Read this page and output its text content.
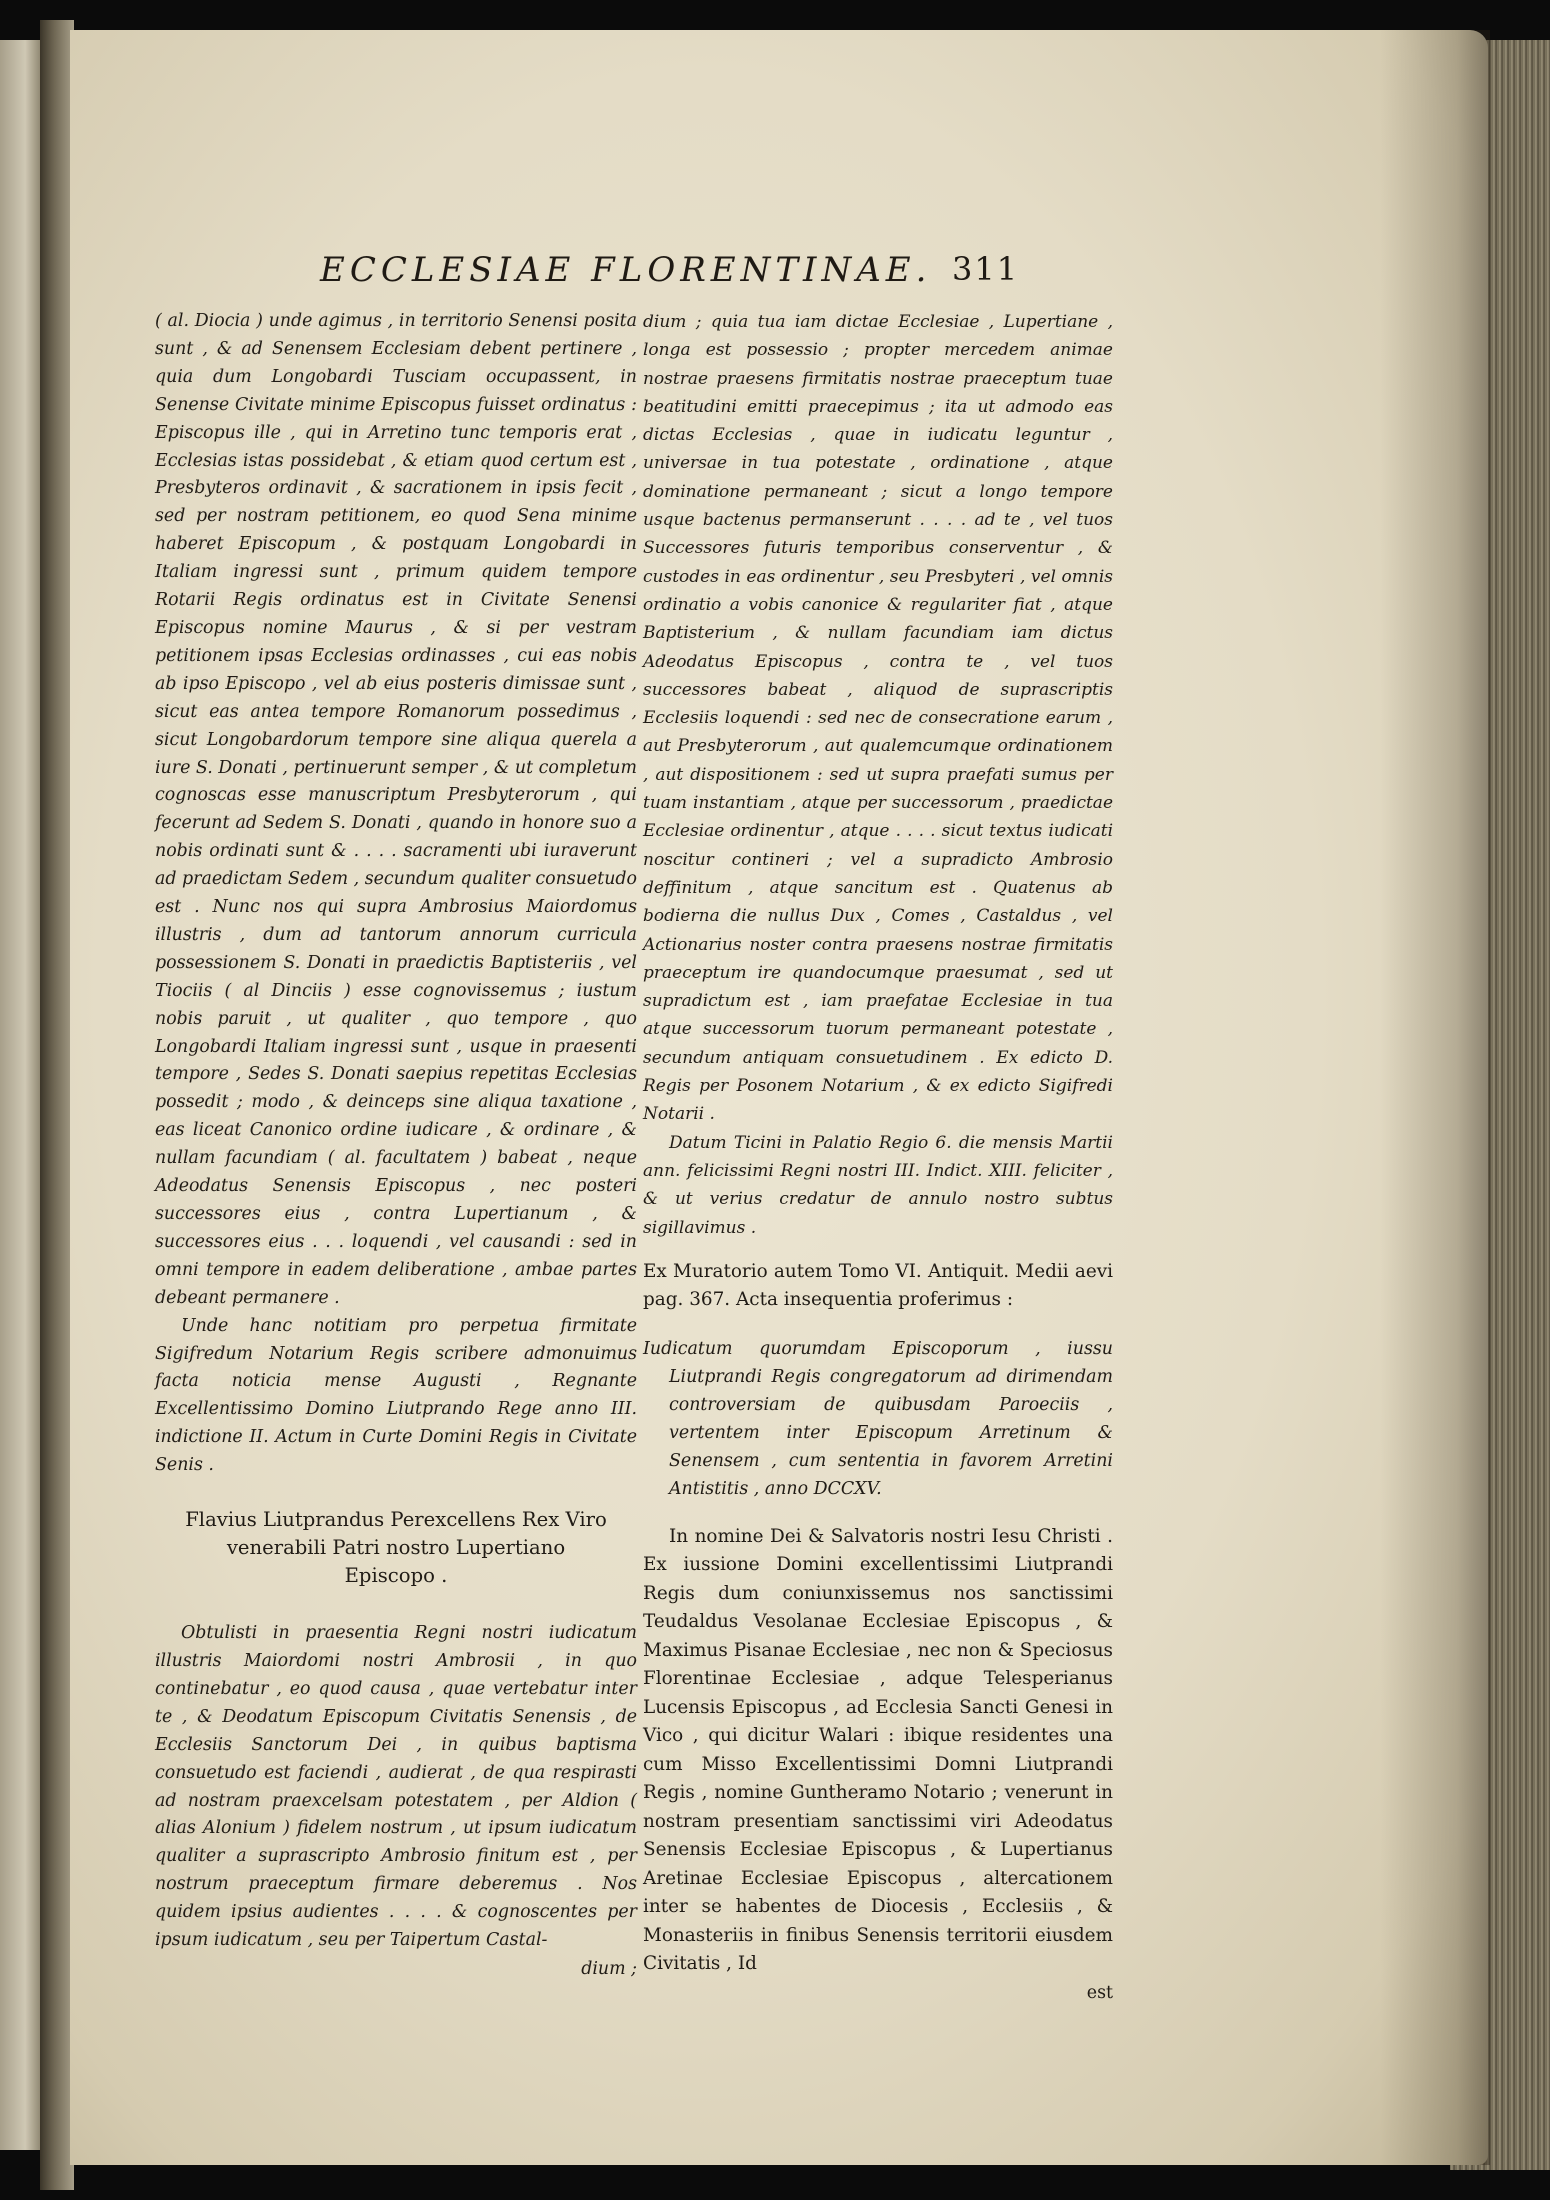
ECCLESIAE FLORENTINAE. 311

( al. Diocia ) unde agimus , in territorio Senensi posita sunt , & ad Senensem Ecclesiam debent pertinere , quia dum Longobardi Tusciam occupassent, in Senense Civitate minime Episcopus fuisset ordinatus : Episcopus ille , qui in Arretino tunc temporis erat , Ecclesias istas possidebat , & etiam quod certum est , Presbyteros ordinavit , & sacrationem in ipsis fecit , sed per nostram petitionem, eo quod Sena minime haberet Episcopum , & postquam Longobardi in Italiam ingressi sunt , primum quidem tempore Rotarii Regis ordinatus est in Civitate Senensi Episcopus nomine Maurus , & si per vestram petitionem ipsas Ecclesias ordinasses , cui eas nobis ab ipso Episcopo , vel ab eius posteris dimissae sunt , sicut eas antea tempore Romanorum possedimus , sicut Longobardorum tempore sine aliqua querela a iure S. Donati , pertinuerunt semper , & ut completum cognoscas esse manuscriptum Presbyterorum , qui fecerunt ad Sedem S. Donati , quando in honore suo a nobis ordinati sunt & . . . . sacramenti ubi iuraverunt ad praedictam Sedem , secundum qualiter consuetudo est . Nunc nos qui supra Ambrosius Maiordomus illustris , dum ad tantorum annorum curricula possessionem S. Donati in praedictis Baptisteriis , vel Tiociis ( al Dinciis ) esse cognovissemus ; iustum nobis paruit , ut qualiter , quo tempore , quo Longobardi Italiam ingressi sunt , usque in praesenti tempore , Sedes S. Donati saepius repetitas Ecclesias possedit ; modo , & deinceps sine aliqua taxatione , eas liceat Canonico ordine iudicare , & ordinare , & nullam facundiam ( al. facultatem ) babeat , neque Adeodatus Senensis Episcopus , nec posteri successores eius , contra Lupertianum , & successores eius . . . loquendi , vel causandi : sed in omni tempore in eadem deliberatione , ambae partes debeant permanere .

Unde hanc notitiam pro perpetua firmitate Sigifredum Notarium Regis scribere admonuimus facta noticia mense Augusti , Regnante Excellentissimo Domino Liutprando Rege anno III. indictione II. Actum in Curte Domini Regis in Civitate Senis .

Flavius Liutprandus Perexcellens Rex Viro
venerabili Patri nostro Lupertiano
Episcopo .

Obtulisti in praesentia Regni nostri iudicatum illustris Maiordomi nostri Ambrosii , in quo continebatur , eo quod causa , quae vertebatur inter te , & Deodatum Episcopum Civitatis Senensis , de Ecclesiis Sanctorum Dei , in quibus baptisma consuetudo est faciendi , audierat , de qua respirasti ad nostram praexcelsam potestatem , per Aldion ( alias Alonium ) fidelem nostrum , ut ipsum iudicatum qualiter a suprascripto Ambrosio finitum est , per nostrum praeceptum firmare deberemus . Nos quidem ipsius audientes . . . . & cognoscentes per ipsum iudicatum , seu per Taipertum Castal-

dium ;

dium ; quia tua iam dictae Ecclesiae , Lupertiane , longa est possessio ; propter mercedem animae nostrae praesens firmitatis nostrae praeceptum tuae beatitudini emitti praecepimus ; ita ut admodo eas dictas Ecclesias , quae in iudicatu leguntur , universae in tua potestate , ordinatione , atque dominatione permaneant ; sicut a longo tempore usque bactenus permanserunt . . . . ad te , vel tuos Successores futuris temporibus conserventur , & custodes in eas ordinentur , seu Presbyteri , vel omnis ordinatio a vobis canonice & regulariter fiat , atque Baptisterium , & nullam facundiam iam dictus Adeodatus Episcopus , contra te , vel tuos successores babeat , aliquod de suprascriptis Ecclesiis loquendi : sed nec de consecratione earum , aut Presbyterorum , aut qualemcumque ordinationem , aut dispositionem : sed ut supra praefati sumus per tuam instantiam , atque per successorum , praedictae Ecclesiae ordinentur , atque . . . . sicut textus iudicati noscitur contineri ; vel a supradicto Ambrosio deffinitum , atque sancitum est . Quatenus ab bodierna die nullus Dux , Comes , Castaldus , vel Actionarius noster contra praesens nostrae firmitatis praeceptum ire quandocumque praesumat , sed ut supradictum est , iam praefatae Ecclesiae in tua atque successorum tuorum permaneant potestate , secundum antiquam consuetudinem . Ex edicto D. Regis per Posonem Notarium , & ex edicto Sigifredi Notarii .

Datum Ticini in Palatio Regio 6. die mensis Martii ann. felicissimi Regni nostri III. Indict. XIII. feliciter , & ut verius credatur de annulo nostro subtus sigillavimus .

Ex Muratorio autem Tomo VI. Antiquit. Medii aevi pag. 367. Acta insequentia proferimus :

Iudicatum quorumdam Episcoporum , iussu Liutprandi Regis congregatorum ad dirimendam controversiam de quibusdam Paroeciis , vertentem inter Episcopum Arretinum & Senensem , cum sententia in favorem Arretini Antistitis , anno DCCXV.

In nomine Dei & Salvatoris nostri Iesu Christi . Ex iussione Domini excellentissimi Liutprandi Regis dum coniunxissemus nos sanctissimi Teudaldus Vesolanae Ecclesiae Episcopus , & Maximus Pisanae Ecclesiae , nec non & Speciosus Florentinae Ecclesiae , adque Telesperianus Lucensis Episcopus , ad Ecclesia Sancti Genesi in Vico , qui dicitur Walari : ibique residentes una cum Misso Excellentissimi Domni Liutprandi Regis , nomine Guntheramo Notario ; venerunt in nostram presentiam sanctissimi viri Adeodatus Senensis Ecclesiae Episcopus , & Lupertianus Aretinae Ecclesiae Episcopus , altercationem inter se habentes de Diocesis , Ecclesiis , & Monasteriis in finibus Senensis territorii eiusdem Civitatis , Id

est
